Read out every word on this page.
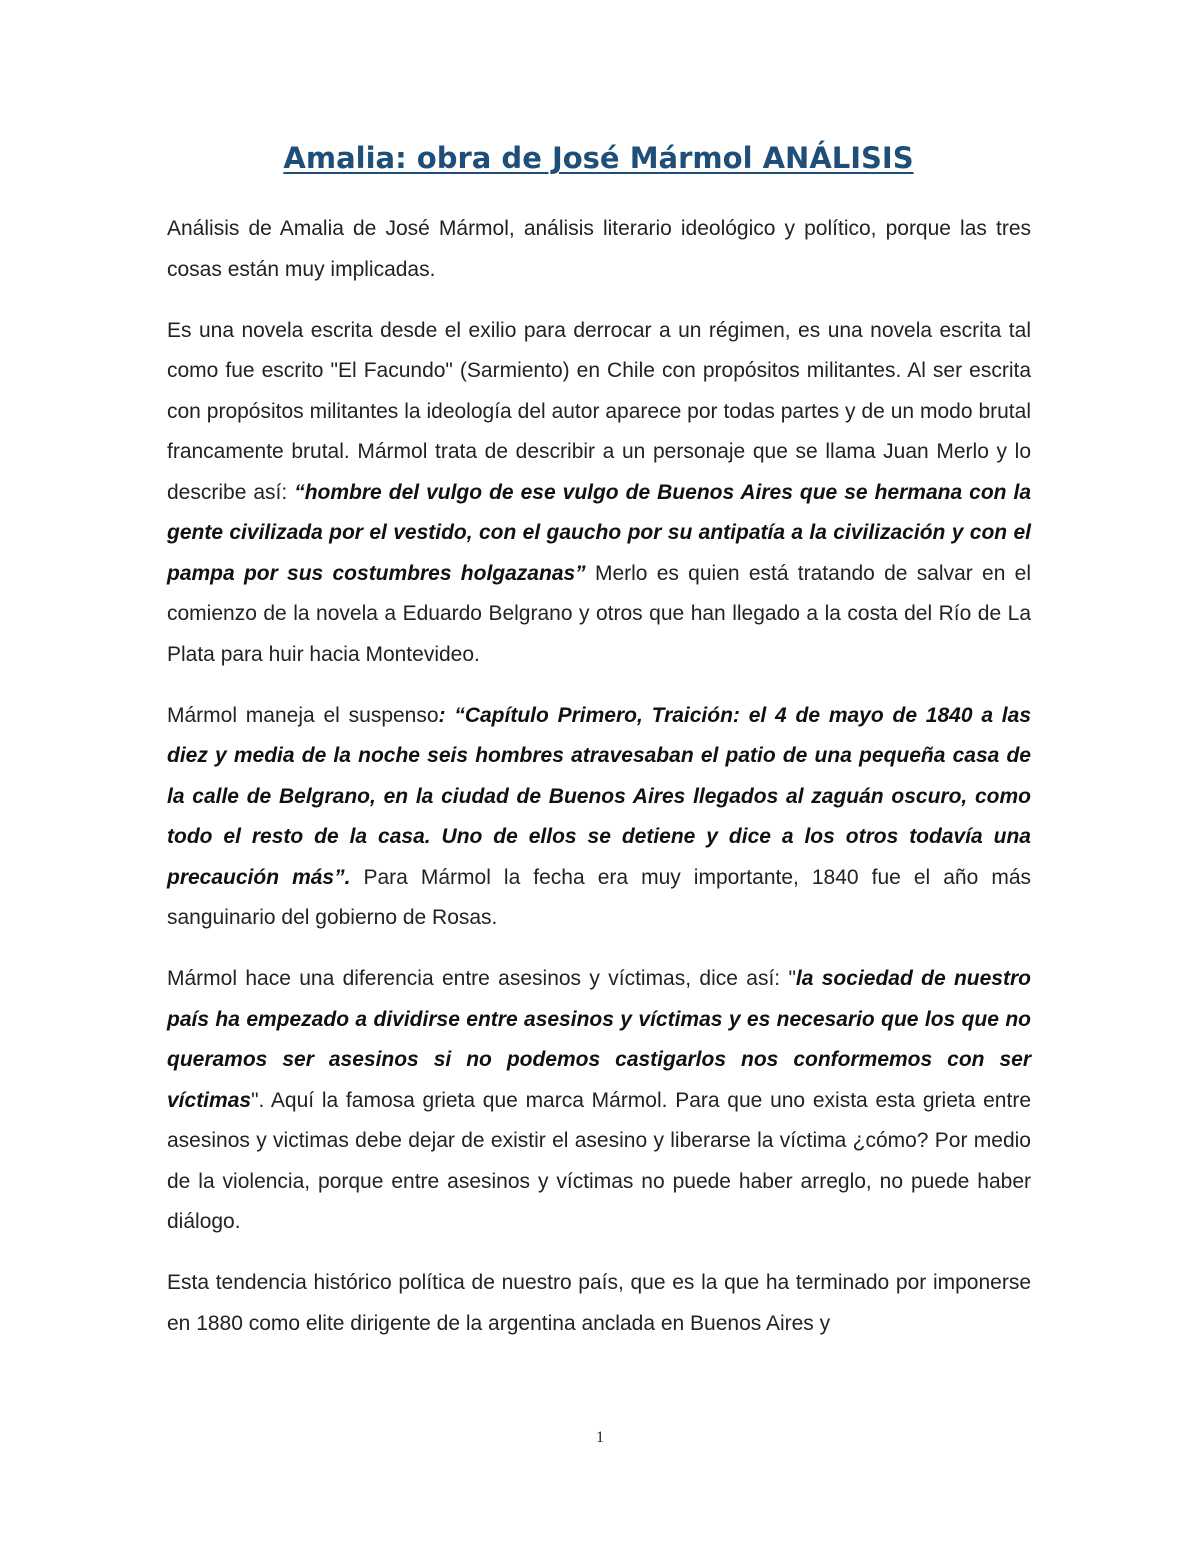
Amalia: obra de José Mármol ANÁLISIS

Análisis de Amalia de José Mármol, análisis literario ideológico y político, porque las tres cosas están muy implicadas.

Es una novela escrita desde el exilio para derrocar a un régimen, es una novela escrita tal como fue escrito "El Facundo" (Sarmiento) en Chile con propósitos militantes. Al ser escrita con propósitos militantes la ideología del autor aparece por todas partes y de un modo brutal francamente brutal. Mármol trata de describir a un personaje que se llama Juan Merlo y lo describe así: “hombre del vulgo de ese vulgo de Buenos Aires que se hermana con la gente civilizada por el vestido, con el gaucho por su antipatía a la civilización y con el pampa por sus costumbres holgazanas” Merlo es quien está tratando de salvar en el comienzo de la novela a Eduardo Belgrano y otros que han llegado a la costa del Río de La Plata para huir hacia Montevideo.

Mármol maneja el suspenso: “Capítulo Primero, Traición: el 4 de mayo de 1840 a las diez y media de la noche seis hombres atravesaban el patio de una pequeña casa de la calle de Belgrano, en la ciudad de Buenos Aires llegados al zaguán oscuro, como todo el resto de la casa. Uno de ellos se detiene y dice a los otros todavía una precaución más”. Para Mármol la fecha era muy importante, 1840 fue el año más sanguinario del gobierno de Rosas.

Mármol hace una diferencia entre asesinos y víctimas, dice así: "la sociedad de nuestro país ha empezado a dividirse entre asesinos y víctimas y es necesario que los que no queramos ser asesinos si no podemos castigarlos nos conformemos con ser víctimas". Aquí la famosa grieta que marca Mármol. Para que uno exista esta grieta entre asesinos y victimas debe dejar de existir el asesino y liberarse la víctima ¿cómo? Por medio de la violencia, porque entre asesinos y víctimas no puede haber arreglo, no puede haber diálogo.

Esta tendencia histórico política de nuestro país, que es la que ha terminado por imponerse en 1880 como elite dirigente de la argentina anclada en Buenos Aires y

1
